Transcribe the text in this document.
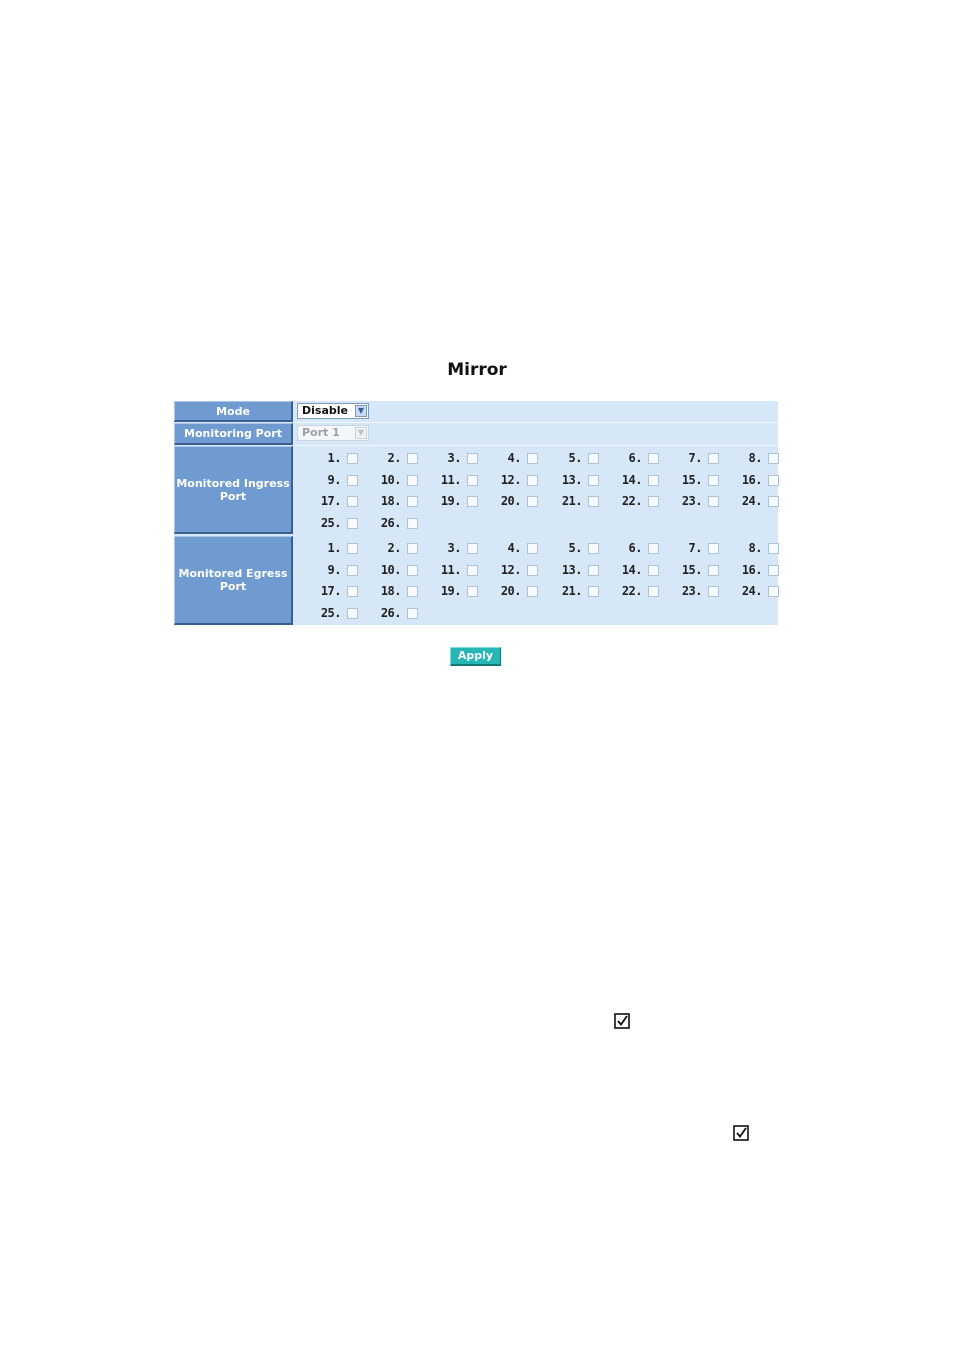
Mirror
Mode	Disable	▼
Monitoring Port	Port 1	▼
Monitored Ingress
Port
1.	2.	3.	4.	5.	6.	7.	8.
9.	10.	11.	12.	13.	14.	15.	16.
17.	18.	19.	20.	21.	22.	23.	24.
25.	26.
Monitored Egress
Port
1.	2.	3.	4.	5.	6.	7.	8.
9.	10.	11.	12.	13.	14.	15.	16.
17.	18.	19.	20.	21.	22.	23.	24.
25.	26.
Apply
